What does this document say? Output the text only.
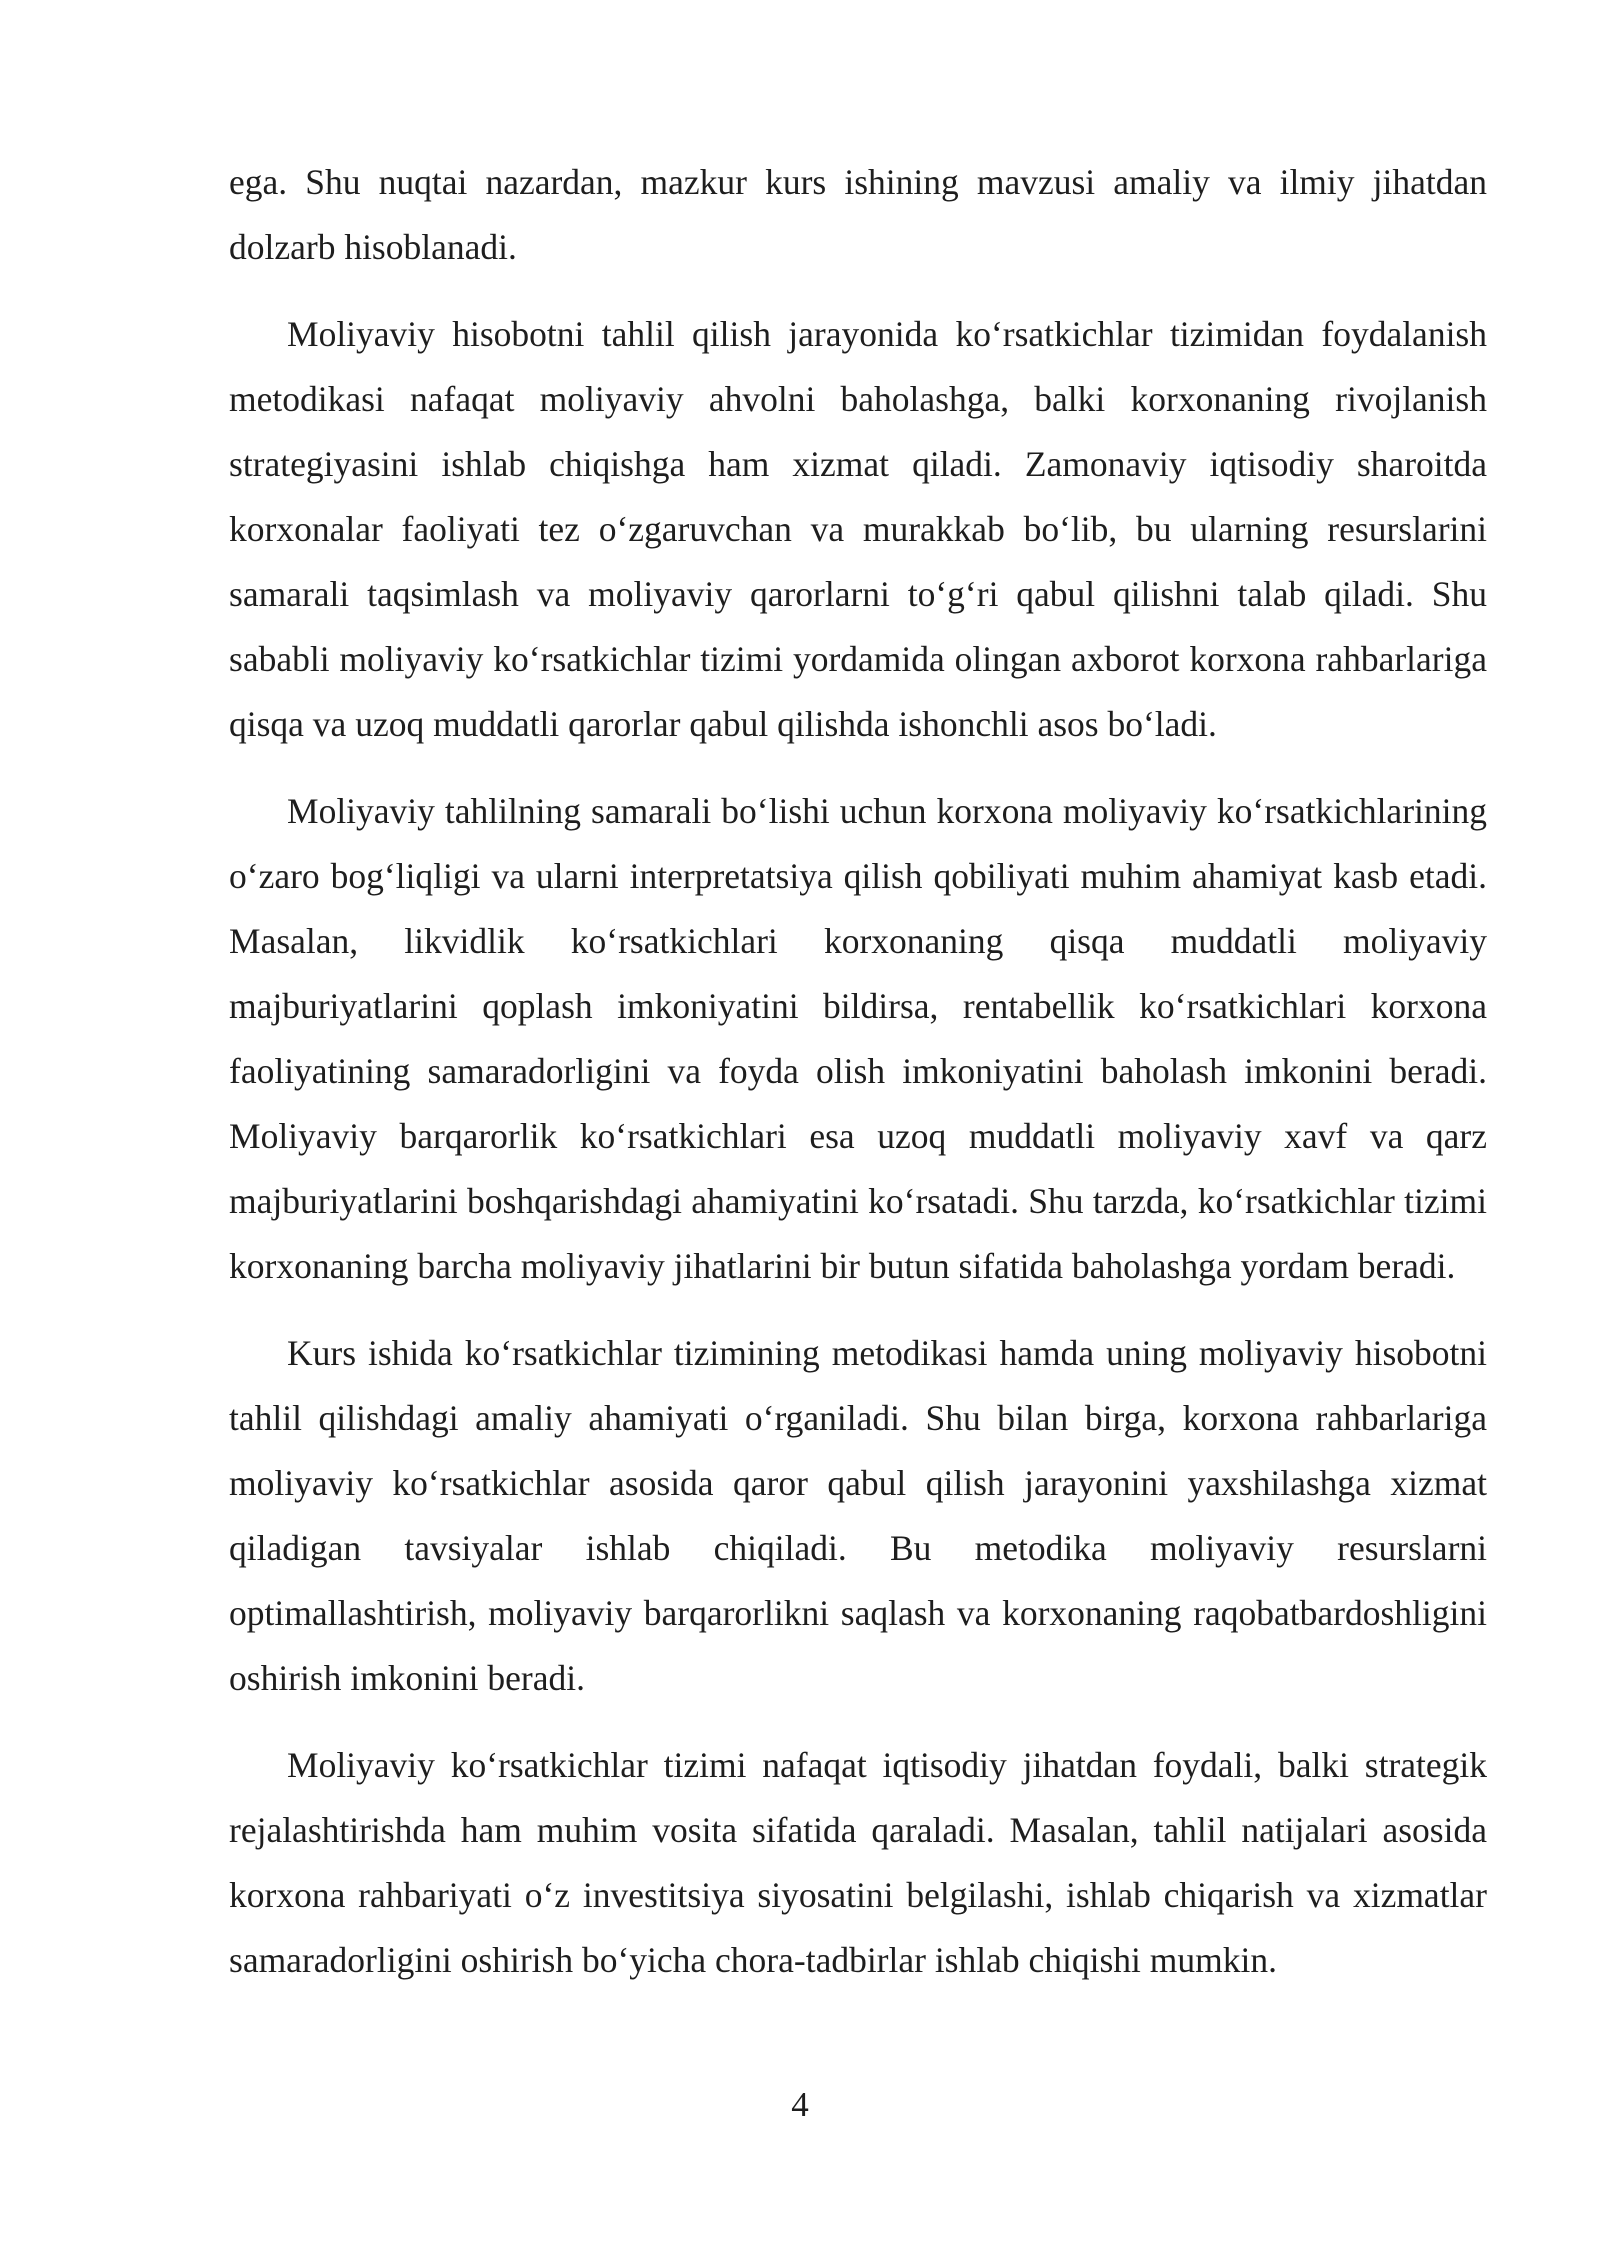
ega. Shu nuqtai nazardan, mazkur kurs ishining mavzusi amaliy va ilmiy jihatdan dolzarb hisoblanadi.

Moliyaviy hisobotni tahlil qilish jarayonida koʻrsatkichlar tizimidan foydalanish metodikasi nafaqat moliyaviy ahvolni baholashga, balki korxonaning rivojlanish strategiyasini ishlab chiqishga ham xizmat qiladi. Zamonaviy iqtisodiy sharoitda korxonalar faoliyati tez oʻzgaruvchan va murakkab boʻlib, bu ularning resurslarini samarali taqsimlash va moliyaviy qarorlarni toʻgʻri qabul qilishni talab qiladi. Shu sababli moliyaviy koʻrsatkichlar tizimi yordamida olingan axborot korxona rahbarlariga qisqa va uzoq muddatli qarorlar qabul qilishda ishonchli asos boʻladi.

Moliyaviy tahlilning samarali boʻlishi uchun korxona moliyaviy koʻrsatkichlarining oʻzaro bogʻliqligi va ularni interpretatsiya qilish qobiliyati muhim ahamiyat kasb etadi. Masalan, likvidlik koʻrsatkichlari korxonaning qisqa muddatli moliyaviy majburiyatlarini qoplash imkoniyatini bildirsa, rentabellik koʻrsatkichlari korxona faoliyatining samaradorligini va foyda olish imkoniyatini baholash imkonini beradi. Moliyaviy barqarorlik koʻrsatkichlari esa uzoq muddatli moliyaviy xavf va qarz majburiyatlarini boshqarishdagi ahamiyatini koʻrsatadi. Shu tarzda, koʻrsatkichlar tizimi korxonaning barcha moliyaviy jihatlarini bir butun sifatida baholashga yordam beradi.

Kurs ishida koʻrsatkichlar tizimining metodikasi hamda uning moliyaviy hisobotni tahlil qilishdagi amaliy ahamiyati oʻrganiladi. Shu bilan birga, korxona rahbarlariga moliyaviy koʻrsatkichlar asosida qaror qabul qilish jarayonini yaxshilashga xizmat qiladigan tavsiyalar ishlab chiqiladi. Bu metodika moliyaviy resurslarni optimallashtirish, moliyaviy barqarorlikni saqlash va korxonaning raqobatbardoshligini oshirish imkonini beradi.

Moliyaviy koʻrsatkichlar tizimi nafaqat iqtisodiy jihatdan foydali, balki strategik rejalashtirishda ham muhim vosita sifatida qaraladi. Masalan, tahlil natijalari asosida korxona rahbariyati oʻz investitsiya siyosatini belgilashi, ishlab chiqarish va xizmatlar samaradorligini oshirish boʻyicha chora-tadbirlar ishlab chiqishi mumkin.

4
